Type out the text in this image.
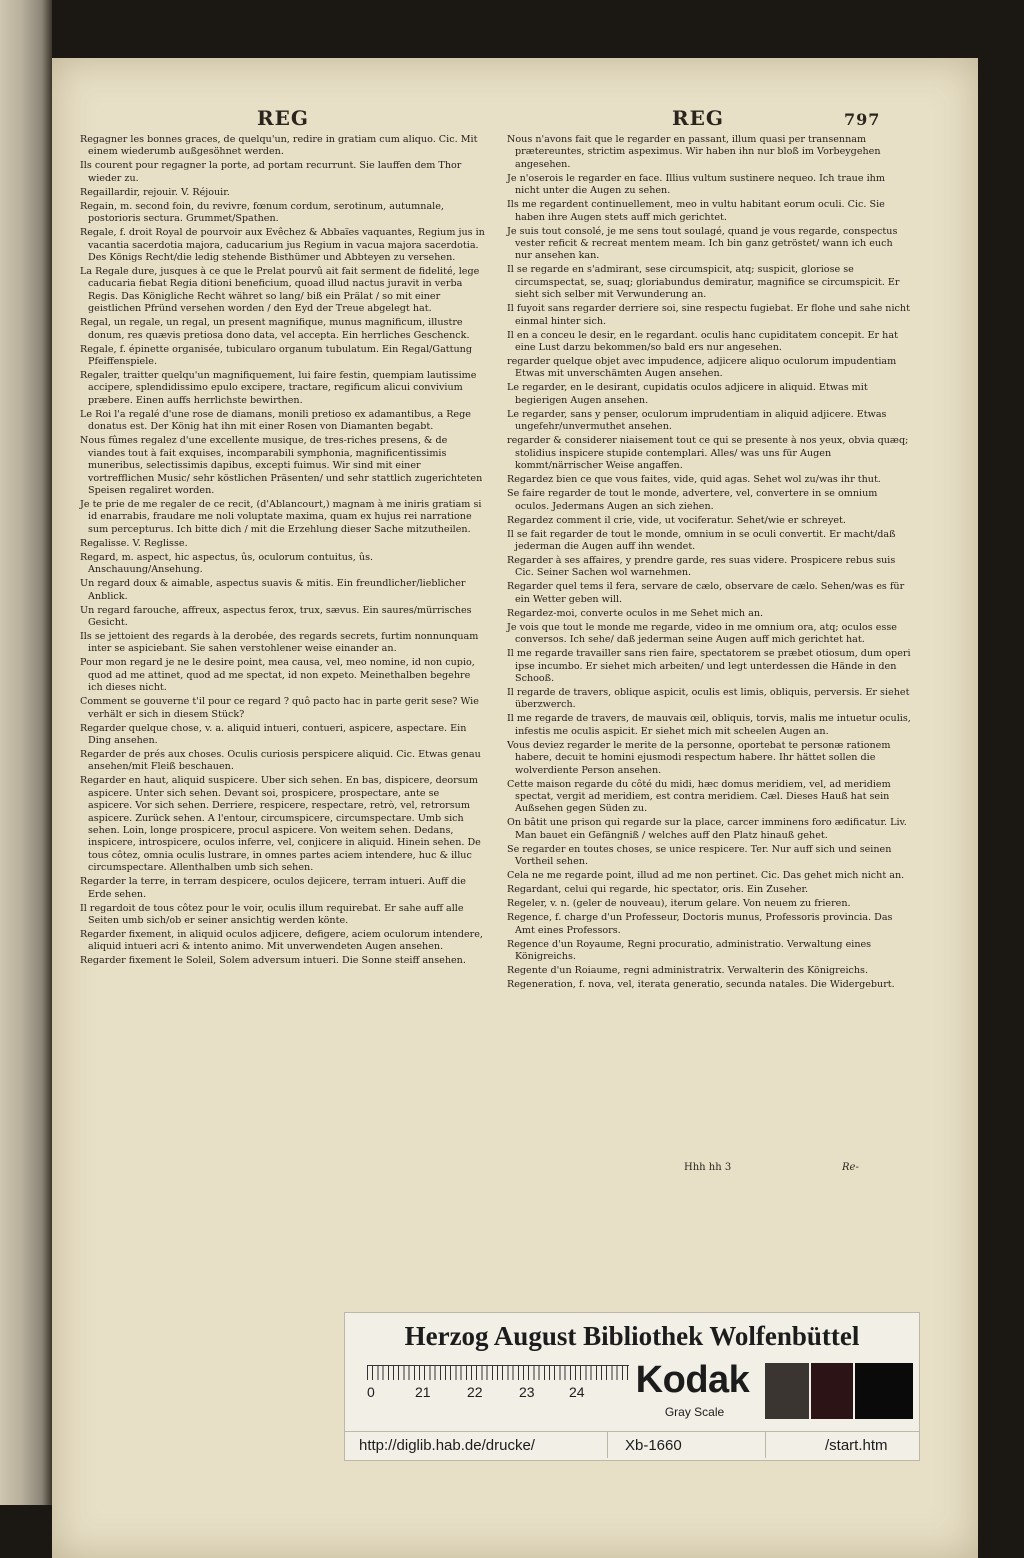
REG	REG	797

Regagner les bonnes graces, de quelqu'un, redire in gratiam cum aliquo. Cic. Mit einem wiederumb außgesöhnet werden.

Ils courent pour regagner la porte, ad portam recurrunt. Sie lauffen dem Thor wieder zu.

Regaillardir, rejouir. V. Réjouir.

Regain, m. second foin, du revivre, fœnum cordum, serotinum, autumnale, postorioris sectura. Grummet/Spathen.

Regale, f. droit Royal de pourvoir aux Evêchez & Abbaïes vaquantes, Regium jus in vacantia sacerdotia majora, caducarium jus Regium in vacua majora sacerdotia. Des Königs Recht/die ledig stehende Bisthümer und Abbteyen zu versehen.

La Regale dure, jusques à ce que le Prelat pourvû ait fait serment de fidelité, lege caducaria fiebat Regia ditioni beneficium, quoad illud nactus juravit in verba Regis. Das Königliche Recht währet so lang/ biß ein Prälat / so mit einer geistlichen Pfründ versehen worden / den Eyd der Treue abgelegt hat.

Regal, un regale, un regal, un present magnifique, munus magnificum, illustre donum, res quævis pretiosa dono data, vel accepta. Ein herrliches Geschenck.

Regale, f. épinette organisée, tubicularo organum tubulatum. Ein Regal/Gattung Pfeiffenspiele.

Regaler, traitter quelqu'un magnifiquement, lui faire festin, quempiam lautissime accipere, splendidissimo epulo excipere, tractare, regificum alicui convivium præbere. Einen auffs herrlichste bewirthen.

Le Roi l'a regalé d'une rose de diamans, monili pretioso ex adamantibus, a Rege donatus est. Der König hat ihn mit einer Rosen von Diamanten begabt.

Nous fûmes regalez d'une excellente musique, de tres-riches presens, & de viandes tout à fait exquises, incomparabili symphonia, magnificentissimis muneribus, selectissimis dapibus, excepti fuimus. Wir sind mit einer vortrefflichen Music/ sehr köstlichen Präsenten/ und sehr stattlich zugerichteten Speisen regaliret worden.

Je te prie de me regaler de ce recit, (d'Ablancourt,) magnam à me iniris gratiam si id enarrabis, fraudare me noli voluptate maxima, quam ex hujus rei narratione sum percepturus. Ich bitte dich / mit die Erzehlung dieser Sache mitzutheilen.

Regalisse. V. Reglisse.

Regard, m. aspect, hic aspectus, ûs, oculorum contuitus, ûs. Anschauung/Ansehung.

Un regard doux & aimable, aspectus suavis & mitis. Ein freundlicher/lieblicher Anblick.

Un regard farouche, affreux, aspectus ferox, trux, sævus. Ein saures/mürrisches Gesicht.

Ils se jettoient des regards à la derobée, des regards secrets, furtim nonnunquam inter se aspiciebant. Sie sahen verstohlener weise einander an.

Pour mon regard je ne le desire point, mea causa, vel, meo nomine, id non cupio, quod ad me attinet, quod ad me spectat, id non expeto. Meinethalben begehre ich dieses nicht.

Comment se gouverne t'il pour ce regard ? quô pacto hac in parte gerit sese? Wie verhält er sich in diesem Stück?

Regarder quelque chose, v. a. aliquid intueri, contueri, aspicere, aspectare. Ein Ding ansehen.

Regarder de prés aux choses. Oculis curiosis perspicere aliquid. Cic. Etwas genau ansehen/mit Fleiß beschauen.

Regarder en haut, aliquid suspicere. Uber sich sehen. En bas, dispicere, deorsum aspicere. Unter sich sehen. Devant soi, prospicere, prospectare, ante se aspicere. Vor sich sehen. Derriere, respicere, respectare, retrò, vel, retrorsum aspicere. Zurück sehen. A l'entour, circumspicere, circumspectare. Umb sich sehen. Loin, longe prospicere, procul aspicere. Von weitem sehen. Dedans, inspicere, introspicere, oculos inferre, vel, conjicere in aliquid. Hinein sehen. De tous côtez, omnia oculis lustrare, in omnes partes aciem intendere, huc & illuc circumspectare. Allenthalben umb sich sehen.

Regarder la terre, in terram despicere, oculos dejicere, terram intueri. Auff die Erde sehen.

Il regardoit de tous côtez pour le voir, oculis illum requirebat. Er sahe auff alle Seiten umb sich/ob er seiner ansichtig werden könte.

Regarder fixement, in aliquid oculos adjicere, defigere, aciem oculorum intendere, aliquid intueri acri & intento animo. Mit unverwendeten Augen ansehen.

Regarder fixement le Soleil, Solem adversum intueri. Die Sonne steiff ansehen.

Nous n'avons fait que le regarder en passant, illum quasi per transennam prætereuntes, strictim aspeximus. Wir haben ihn nur bloß im Vorbeygehen angesehen.

Je n'oserois le regarder en face. Illius vultum sustinere nequeo. Ich traue ihm nicht unter die Augen zu sehen.

Ils me regardent continuellement, meo in vultu habitant eorum oculi. Cic. Sie haben ihre Augen stets auff mich gerichtet.

Je suis tout consolé, je me sens tout soulagé, quand je vous regarde, conspectus vester reficit & recreat mentem meam. Ich bin ganz getröstet/ wann ich euch nur ansehen kan.

Il se regarde en s'admirant, sese circumspicit, atq; suspicit, gloriose se circumspectat, se, suaq; gloriabundus demiratur, magnifice se circumspicit. Er sieht sich selber mit Verwunderung an.

Il fuyoit sans regarder derriere soi, sine respectu fugiebat. Er flohe und sahe nicht einmal hinter sich.

Il en a conceu le desir, en le regardant. oculis hanc cupiditatem concepit. Er hat eine Lust darzu bekommen/so bald ers nur angesehen.

regarder quelque objet avec impudence, adjicere aliquo oculorum impudentiam Etwas mit unverschämten Augen ansehen.

Le regarder, en le desirant, cupidatis oculos adjicere in aliquid. Etwas mit begierigen Augen ansehen.

Le regarder, sans y penser, oculorum imprudentiam in aliquid adjicere. Etwas ungefehr/unvermuthet ansehen.

regarder & considerer niaisement tout ce qui se presente à nos yeux, obvia quæq; stolidius inspicere stupide contemplari. Alles/ was uns für Augen kommt/närrischer Weise angaffen.

Regardez bien ce que vous faites, vide, quid agas. Sehet wol zu/was ihr thut.

Se faire regarder de tout le monde, advertere, vel, convertere in se omnium oculos. Jedermans Augen an sich ziehen.

Regardez comment il crie, vide, ut vociferatur. Sehet/wie er schreyet.

Il se fait regarder de tout le monde, omnium in se oculi convertit. Er macht/daß jederman die Augen auff ihn wendet.

Regarder à ses affaires, y prendre garde, res suas videre. Prospicere rebus suis Cic. Seiner Sachen wol warnehmen.

Regarder quel tems il fera, servare de cælo, observare de cælo. Sehen/was es für ein Wetter geben will.

Regardez-moi, converte oculos in me Sehet mich an.

Je vois que tout le monde me regarde, video in me omnium ora, atq; oculos esse conversos. Ich sehe/ daß jederman seine Augen auff mich gerichtet hat.

Il me regarde travailler sans rien faire, spectatorem se præbet otiosum, dum operi ipse incumbo. Er siehet mich arbeiten/ und legt unterdessen die Hände in den Schooß.

Il regarde de travers, oblique aspicit, oculis est limis, obliquis, perversis. Er siehet überzwerch.

Il me regarde de travers, de mauvais œil, obliquis, torvis, malis me intuetur oculis, infestis me oculis aspicit. Er siehet mich mit scheelen Augen an.

Vous deviez regarder le merite de la personne, oportebat te personæ rationem habere, decuit te homini ejusmodi respectum habere. Ihr hättet sollen die wolverdiente Person ansehen.

Cette maison regarde du côté du midi, hæc domus meridiem, vel, ad meridiem spectat, vergit ad meridiem, est contra meridiem. Cæl. Dieses Hauß hat sein Außsehen gegen Süden zu.

On bâtit une prison qui regarde sur la place, carcer imminens foro ædificatur. Liv. Man bauet ein Gefängniß / welches auff den Platz hinauß gehet.

Se regarder en toutes choses, se unice respicere. Ter. Nur auff sich und seinen Vortheil sehen.

Cela ne me regarde point, illud ad me non pertinet. Cic. Das gehet mich nicht an.

Regardant, celui qui regarde, hic spectator, oris. Ein Zuseher.

Regeler, v. n. (geler de nouveau), iterum gelare. Von neuem zu frieren.

Regence, f. charge d'un Professeur, Doctoris munus, Professoris provincia. Das Amt eines Professors.

Regence d'un Royaume, Regni procuratio, administratio. Verwaltung eines Königreichs.

Regente d'un Roiaume, regni administratrix. Verwalterin des Königreichs.

Regeneration, f. nova, vel, iterata generatio, secunda natales. Die Widergeburt.

Hhh hh 3	Re-
Herzog August Bibliothek Wolfenbüttel
0	21	22	23 24 Kodak
Gray Scale
http://diglib.hab.de/drucke/	Xb-1660	/start.htm
